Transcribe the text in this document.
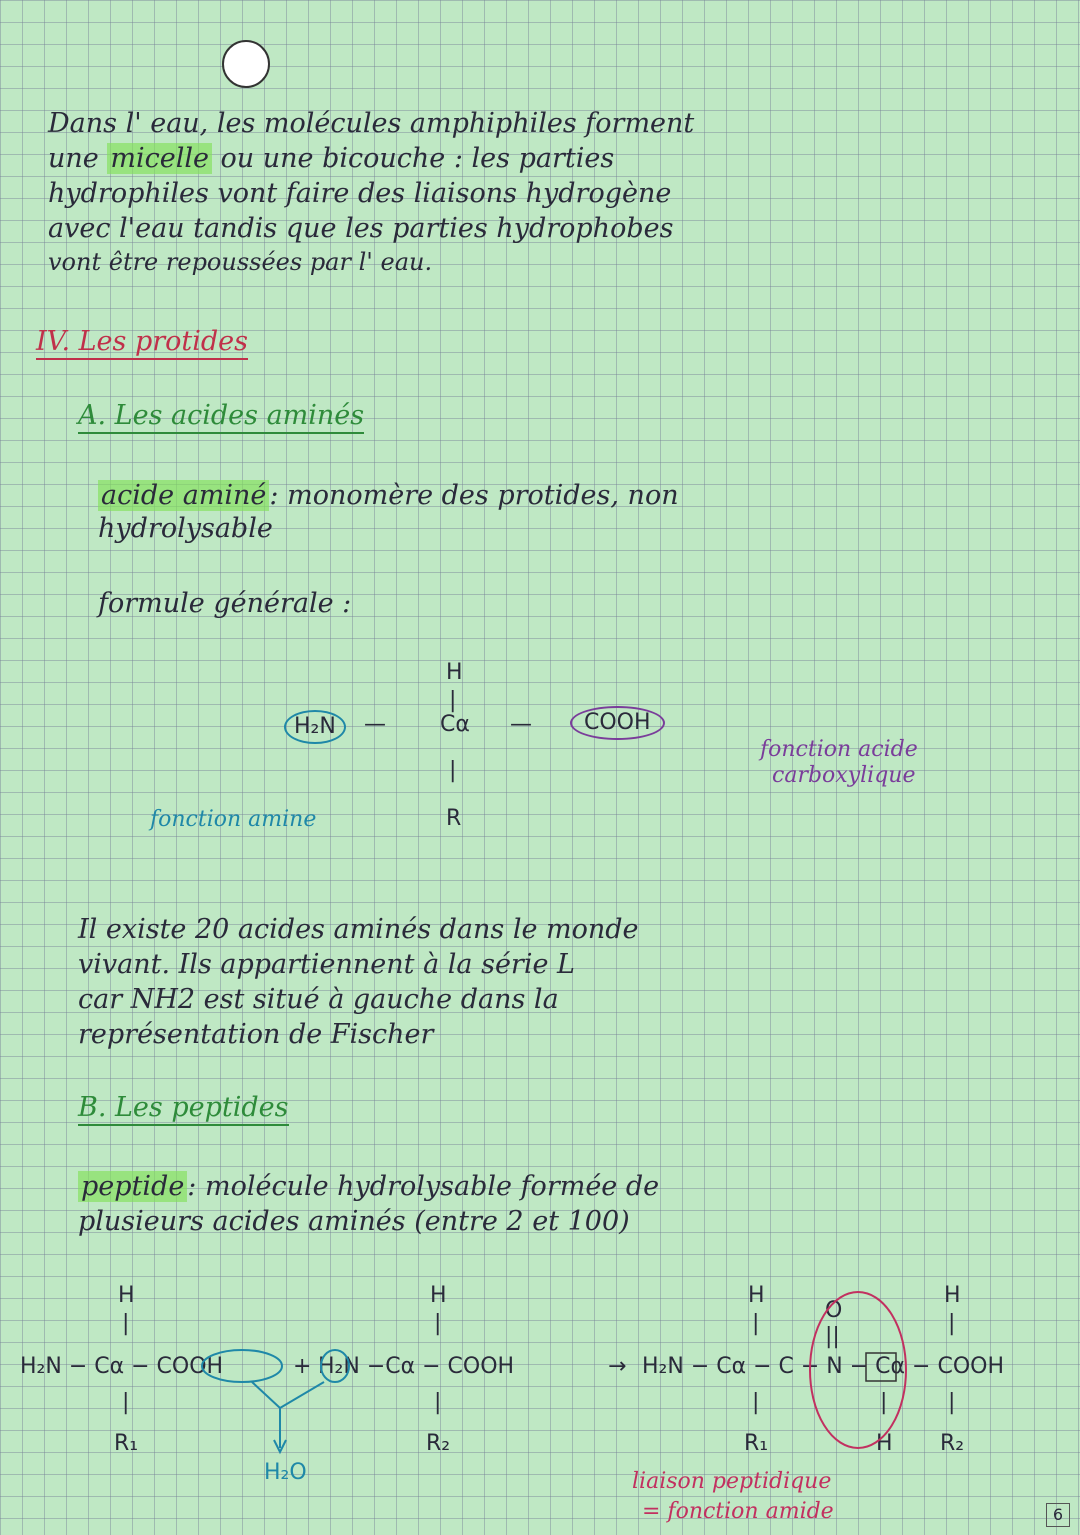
Dans l' eau, les molécules amphiphiles forment
une micelle ou une bicouche : les parties
hydrophiles vont faire des liaisons hydrogène
avec l'eau tandis que les parties hydrophobes
vont être repoussées par l' eau.
IV. Les protides
A. Les acides aminés
acide aminé : monomère des protides, non
hydrolysable
formule générale :
H
|
H₂N	— Cα —	COOH
|
R
fonction amine
fonction acide
carboxylique
Il existe 20 acides aminés dans le monde
vivant. Ils appartiennent à la série L
car NH2 est situé à gauche dans la
représentation de Fischer
B. Les peptides
peptide : molécule hydrolysable formée de
plusieurs acides aminés (entre 2 et 100)
H
|
H
|
H
|
H
|
O
||
H₂N − Cα − COOH	+ H₂N −Cα − COOH	→ H₂N − Cα − C − N − Cα − COOH
|	|	|	|
|
R₁	R₂	R₁	H R₂
H₂O	liaison peptidique
= fonction amide	6
